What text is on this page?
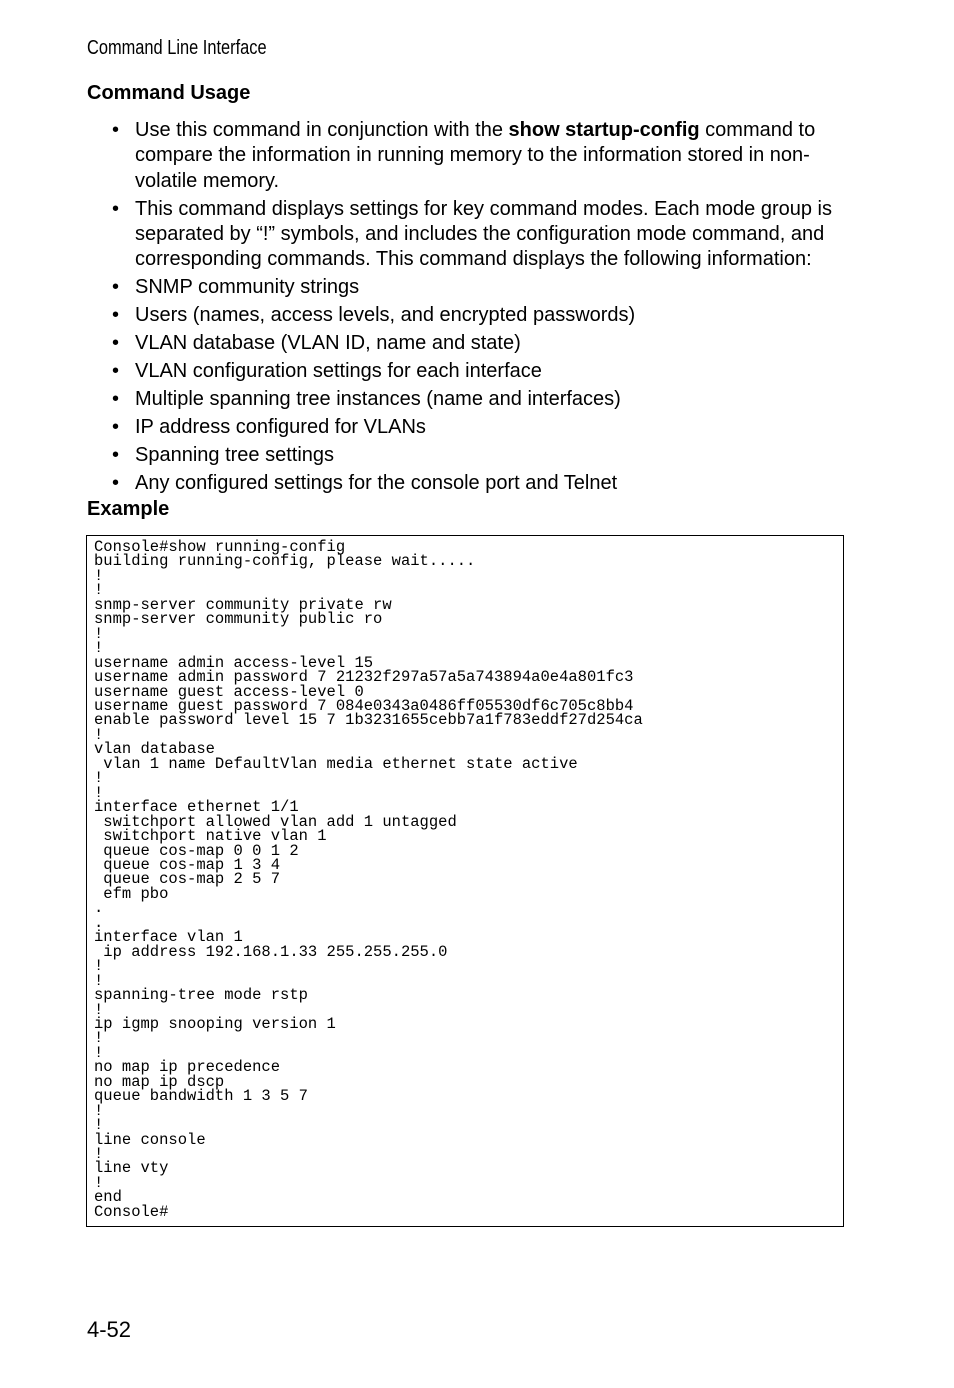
Command Line Interface
Command Usage
• Use this command in conjunction with the show startup-config command to compare the information in running memory to the information stored in non-volatile memory.
• This command displays settings for key command modes. Each mode group is separated by “!” symbols, and includes the configuration mode command, and corresponding commands. This command displays the following information:
• SNMP community strings
• Users (names, access levels, and encrypted passwords)
• VLAN database (VLAN ID, name and state)
• VLAN configuration settings for each interface
• Multiple spanning tree instances (name and interfaces)
• IP address configured for VLANs
• Spanning tree settings
• Any configured settings for the console port and Telnet
Example
Console#show running-config
building running-config, please wait.....
!
!
snmp-server community private rw
snmp-server community public ro
!
!
username admin access-level 15
username admin password 7 21232f297a57a5a743894a0e4a801fc3
username guest access-level 0
username guest password 7 084e0343a0486ff05530df6c705c8bb4
enable password level 15 7 1b3231655cebb7a1f783eddf27d254ca
!
vlan database
vlan 1 name DefaultVlan media ethernet state active
!
!
interface ethernet 1/1
switchport allowed vlan add 1 untagged
switchport native vlan 1
queue cos-map 0 0 1 2
queue cos-map 1 3 4
queue cos-map 2 5 7
efm pbo
.
.
interface vlan 1
ip address 192.168.1.33 255.255.255.0
!
!
spanning-tree mode rstp
!
ip igmp snooping version 1
!
!
no map ip precedence
no map ip dscp
queue bandwidth 1 3 5 7
!
!
line console
!
line vty
!
end
Console#
4-52
